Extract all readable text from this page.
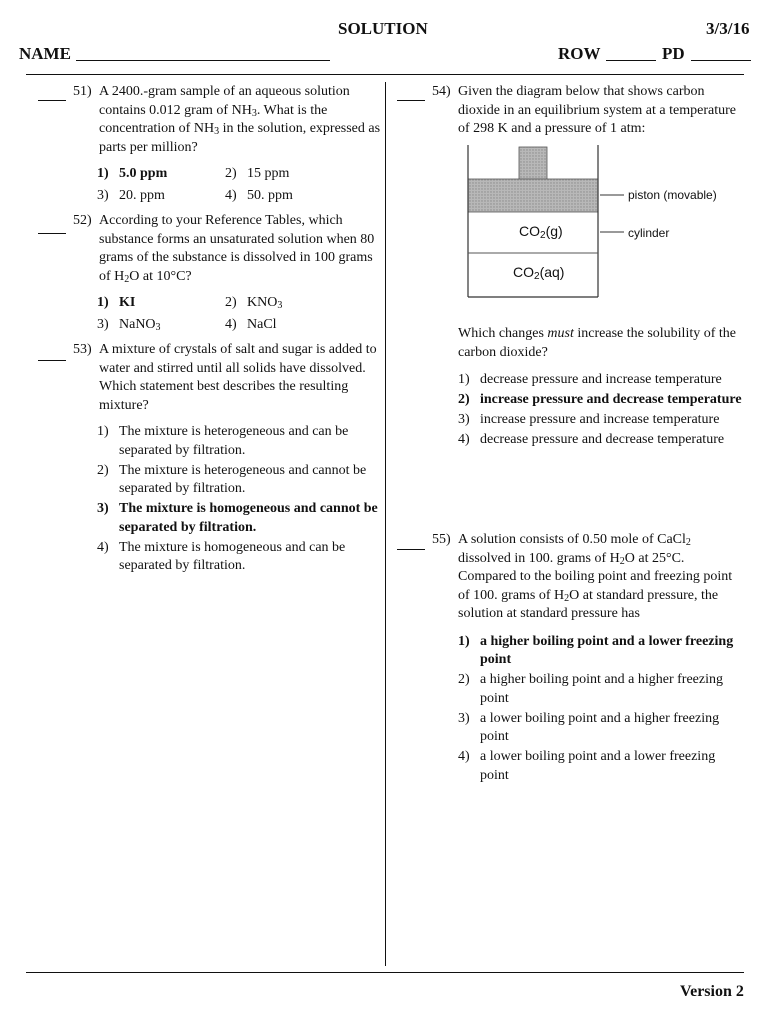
SOLUTION	3/3/16
NAME	ROW	PD
51) A 2400.-gram sample of an aqueous solution contains 0.012 gram of $NH_3$. What is the concentration of $NH_3$ in the solution, expressed as parts per million?
1) 5.0 ppm	2) 15 ppm
3) 20. ppm	4) 50. ppm
52) According to your Reference Tables, which substance forms an unsaturated solution when 80 grams of the substance is dissolved in 100 grams of $H_2O$ at 10°C?
1) KI	2) $KNO_3$
3) NaNO$_3$	4) NaCl
53) A mixture of crystals of salt and sugar is added to water and stirred until all solids have dissolved. Which statement best describes the resulting mixture?
1) The mixture is heterogeneous and can be separated by filtration.
2) The mixture is heterogeneous and cannot be separated by filtration.
3) The mixture is homogeneous and cannot be separated by filtration.
4) The mixture is homogeneous and can be separated by filtration.
54) Given the diagram below that shows carbon dioxide in an equilibrium system at a temperature of 298 K and a pressure of 1 atm:
$CO_2(g)$
$CO_2(aq)$
piston (movable)
cylinder
Which changes must increase the solubility of the carbon dioxide?
1) decrease pressure and increase temperature
2) increase pressure and decrease temperature
3) increase pressure and increase temperature
4) decrease pressure and decrease temperature
55) A solution consists of 0.50 mole of CaCl$_2$ dissolved in 100. grams of $H_2O$ at 25°C. Compared to the boiling point and freezing point of 100. grams of $H_2O$ at standard pressure, the solution at standard pressure has
1) a higher boiling point and a lower freezing point
2) a higher boiling point and a higher freezing point
3) a lower boiling point and a higher freezing point
4) a lower boiling point and a lower freezing point
Version 2
